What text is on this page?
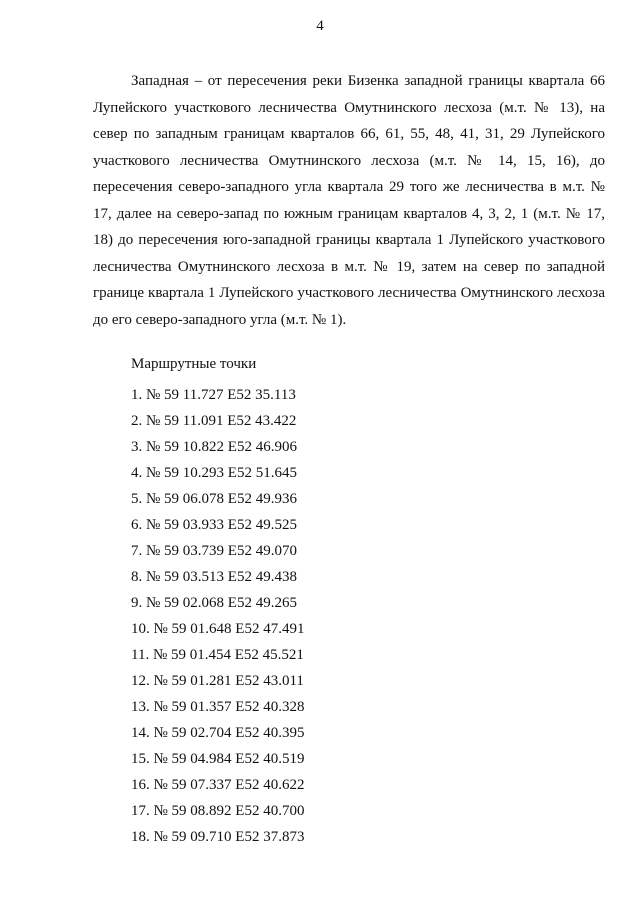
4

Западная – от пересечения реки Бизенка западной границы квартала 66 Лупейского участкового лесничества Омутнинского лесхоза (м.т. № 13), на север по западным границам кварталов 66, 61, 55, 48, 41, 31, 29 Лупейского участкового лесничества Омутнинского лесхоза (м.т. № 14, 15, 16), до пересечения северо-западного угла квартала 29 того же лесничества в м.т. № 17, далее на северо-запад по южным границам кварталов 4, 3, 2, 1 (м.т. № 17, 18) до пересечения юго-западной границы квартала 1 Лупейского участкового лесничества Омутнинского лесхоза в м.т. № 19, затем на север по западной границе квартала 1 Лупейского участкового лесничества Омутнинского лесхоза до его северо-западного угла (м.т. № 1).

Маршрутные точки

1. № 59 11.727 E52 35.113
2. № 59 11.091 E52 43.422
3. № 59 10.822 E52 46.906
4. № 59 10.293 E52 51.645
5. № 59 06.078 E52 49.936
6. № 59 03.933 E52 49.525
7. № 59 03.739 E52 49.070
8. № 59 03.513 E52 49.438
9. № 59 02.068 E52 49.265
10. № 59 01.648 E52 47.491
11. № 59 01.454 E52 45.521
12. № 59 01.281 E52 43.011
13. № 59 01.357 E52 40.328
14. № 59 02.704 E52 40.395
15. № 59 04.984 E52 40.519
16. № 59 07.337 E52 40.622
17. № 59 08.892 E52 40.700
18. № 59 09.710 E52 37.873
